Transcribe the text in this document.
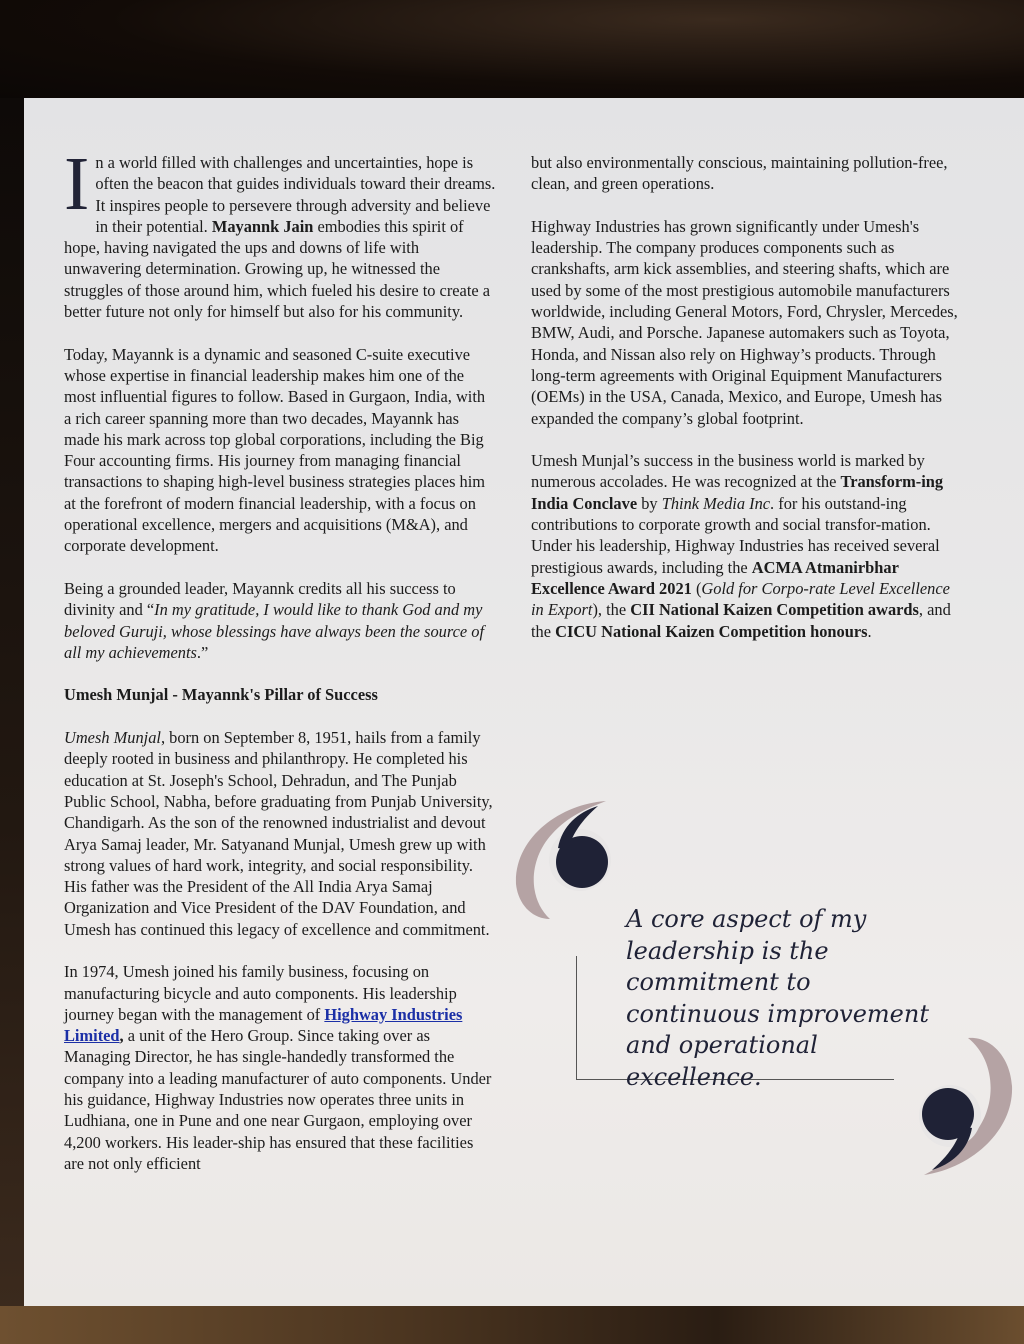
In a world filled with challenges and uncertainties, hope is often the beacon that guides individuals toward their dreams. It inspires people to persevere through adversity and believe in their potential. Mayannk Jain embodies this spirit of hope, having navigated the ups and downs of life with unwavering determination. Growing up, he witnessed the struggles of those around him, which fueled his desire to create a better future not only for himself but also for his community.

Today, Mayannk is a dynamic and seasoned C-suite executive whose expertise in financial leadership makes him one of the most influential figures to follow. Based in Gurgaon, India, with a rich career spanning more than two decades, Mayannk has made his mark across top global corporations, including the Big Four accounting firms. His journey from managing financial transactions to shaping high-level business strategies places him at the forefront of modern financial leadership, with a focus on operational excellence, mergers and acquisitions (M&A), and corporate development.

Being a grounded leader, Mayannk credits all his success to divinity and “In my gratitude, I would like to thank God and my beloved Guruji, whose blessings have always been the source of all my achievements.”

Umesh Munjal - Mayannk's Pillar of Success

Umesh Munjal, born on September 8, 1951, hails from a family deeply rooted in business and philanthropy. He completed his education at St. Joseph's School, Dehradun, and The Punjab Public School, Nabha, before graduating from Punjab University, Chandigarh. As the son of the renowned industrialist and devout Arya Samaj leader, Mr. Satyanand Munjal, Umesh grew up with strong values of hard work, integrity, and social responsibility. His father was the President of the All India Arya Samaj Organization and Vice President of the DAV Foundation, and Umesh has continued this legacy of excellence and commitment.

In 1974, Umesh joined his family business, focusing on manufacturing bicycle and auto components. His leadership journey began with the management of Highway Industries Limited, a unit of the Hero Group. Since taking over as Managing Director, he has single-handedly transformed the company into a leading manufacturer of auto components. Under his guidance, Highway Industries now operates three units in Ludhiana, one in Pune and one near Gurgaon, employing over 4,200 workers. His leader-ship has ensured that these facilities are not only efficient

but also environmentally conscious, maintaining pollution-free, clean, and green operations.

Highway Industries has grown significantly under Umesh's leadership. The company produces components such as crankshafts, arm kick assemblies, and steering shafts, which are used by some of the most prestigious automobile manufacturers worldwide, including General Motors, Ford, Chrysler, Mercedes, BMW, Audi, and Porsche. Japanese automakers such as Toyota, Honda, and Nissan also rely on Highway’s products. Through long-term agreements with Original Equipment Manufacturers (OEMs) in the USA, Canada, Mexico, and Europe, Umesh has expanded the company’s global footprint.

Umesh Munjal’s success in the business world is marked by numerous accolades. He was recognized at the Transform-ing India Conclave by Think Media Inc. for his outstand-ing contributions to corporate growth and social transfor-mation. Under his leadership, Highway Industries has received several prestigious awards, including the ACMA Atmanirbhar Excellence Award 2021 (Gold for Corpo-rate Level Excellence in Export), the CII National Kaizen Competition awards, and the CICU National Kaizen Competition honours.

A core aspect of my leadership is the commitment to continuous improvement and operational excellence.
